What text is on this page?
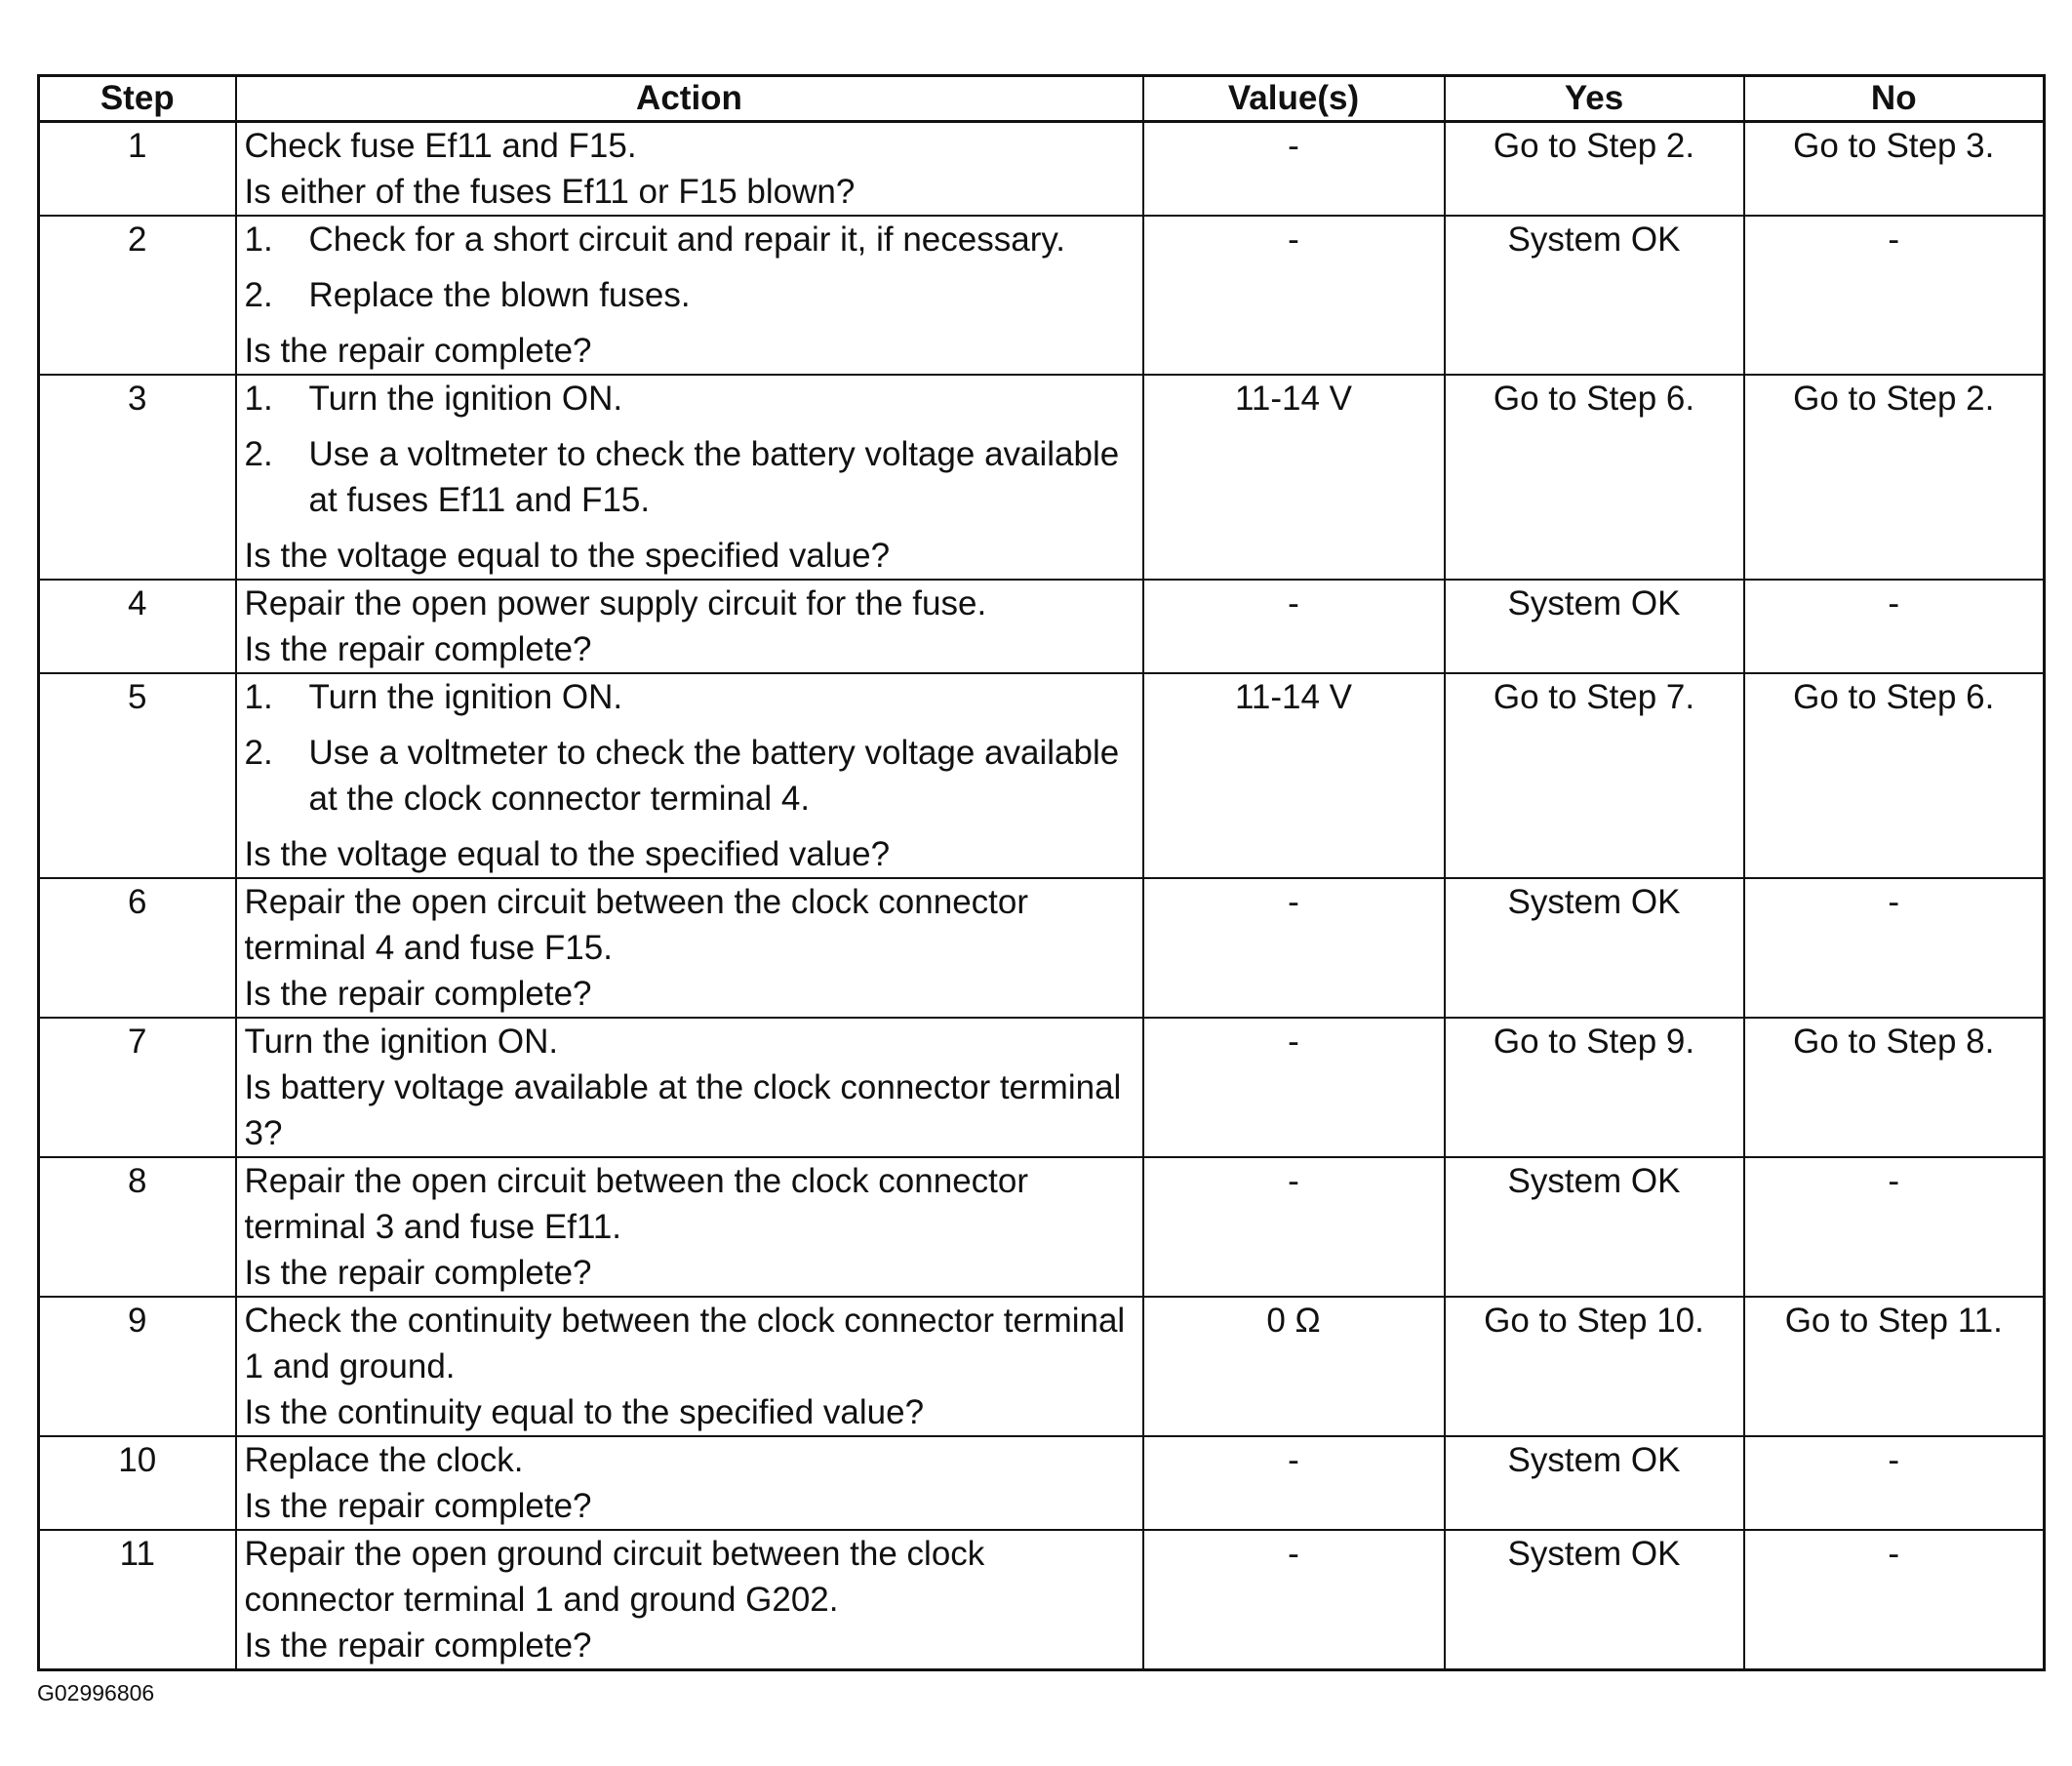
Step	Action	Value(s)	Yes	No
1	Check fuse Ef11 and F15.
Is either of the fuses Ef11 or F15 blown?	-	Go to Step 2.	Go to Step 3.
2	1. Check for a short circuit and repair it, if necessary.
2. Replace the blown fuses.
Is the repair complete?	-	System OK	-
3	1. Turn the ignition ON.
2. Use a voltmeter to check the battery voltage available at fuses Ef11 and F15.
Is the voltage equal to the specified value?	11-14 V	Go to Step 6.	Go to Step 2.
4	Repair the open power supply circuit for the fuse.
Is the repair complete?	-	System OK	-
5	1. Turn the ignition ON.
2. Use a voltmeter to check the battery voltage available at the clock connector terminal 4.
Is the voltage equal to the specified value?	11-14 V	Go to Step 7.	Go to Step 6.
6	Repair the open circuit between the clock connector terminal 4 and fuse F15.
Is the repair complete?	-	System OK	-
7	Turn the ignition ON.
Is battery voltage available at the clock connector terminal 3?	-	Go to Step 9.	Go to Step 8.
8	Repair the open circuit between the clock connector terminal 3 and fuse Ef11.
Is the repair complete?	-	System OK	-
9	Check the continuity between the clock connector terminal 1 and ground.
Is the continuity equal to the specified value?	0 Ω	Go to Step 10.	Go to Step 11.
10	Replace the clock.
Is the repair complete?	-	System OK	-
11	Repair the open ground circuit between the clock connector terminal 1 and ground G202.
Is the repair complete?	-	System OK	-
G02996806
